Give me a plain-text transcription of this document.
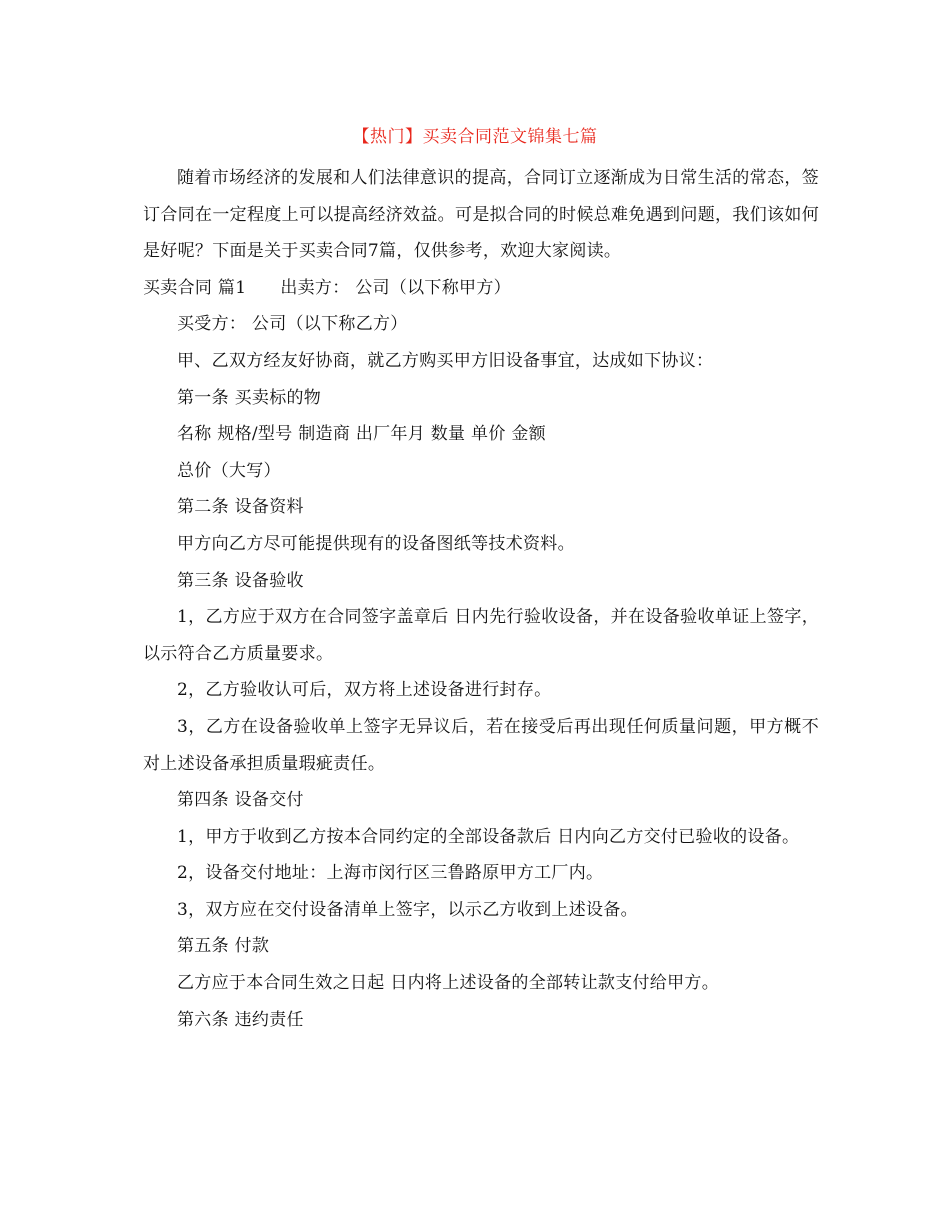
【热门】买卖合同范文锦集七篇

随着市场经济的发展和人们法律意识的提高，合同订立逐渐成为日常生活的常态，签订合同在一定程度上可以提高经济效益。可是拟合同的时候总难免遇到问题，我们该如何是好呢？下面是关于买卖合同7篇，仅供参考，欢迎大家阅读。

买卖合同 篇1 出卖方： 公司（以下称甲方）

买受方： 公司（以下称乙方）

甲、乙双方经友好协商，就乙方购买甲方旧设备事宜，达成如下协议：

第一条 买卖标的物

名称 规格/型号 制造商 出厂年月 数量 单价 金额

总价（大写）

第二条 设备资料

甲方向乙方尽可能提供现有的设备图纸等技术资料。

第三条 设备验收

1，乙方应于双方在合同签字盖章后 日内先行验收设备，并在设备验收单证上签字，以示符合乙方质量要求。

2，乙方验收认可后，双方将上述设备进行封存。

3，乙方在设备验收单上签字无异议后，若在接受后再出现任何质量问题，甲方概不对上述设备承担质量瑕疵责任。

第四条 设备交付

1，甲方于收到乙方按本合同约定的全部设备款后 日内向乙方交付已验收的设备。

2，设备交付地址：上海市闵行区三鲁路原甲方工厂内。

3，双方应在交付设备清单上签字，以示乙方收到上述设备。

第五条 付款

乙方应于本合同生效之日起 日内将上述设备的全部转让款支付给甲方。

第六条 违约责任
